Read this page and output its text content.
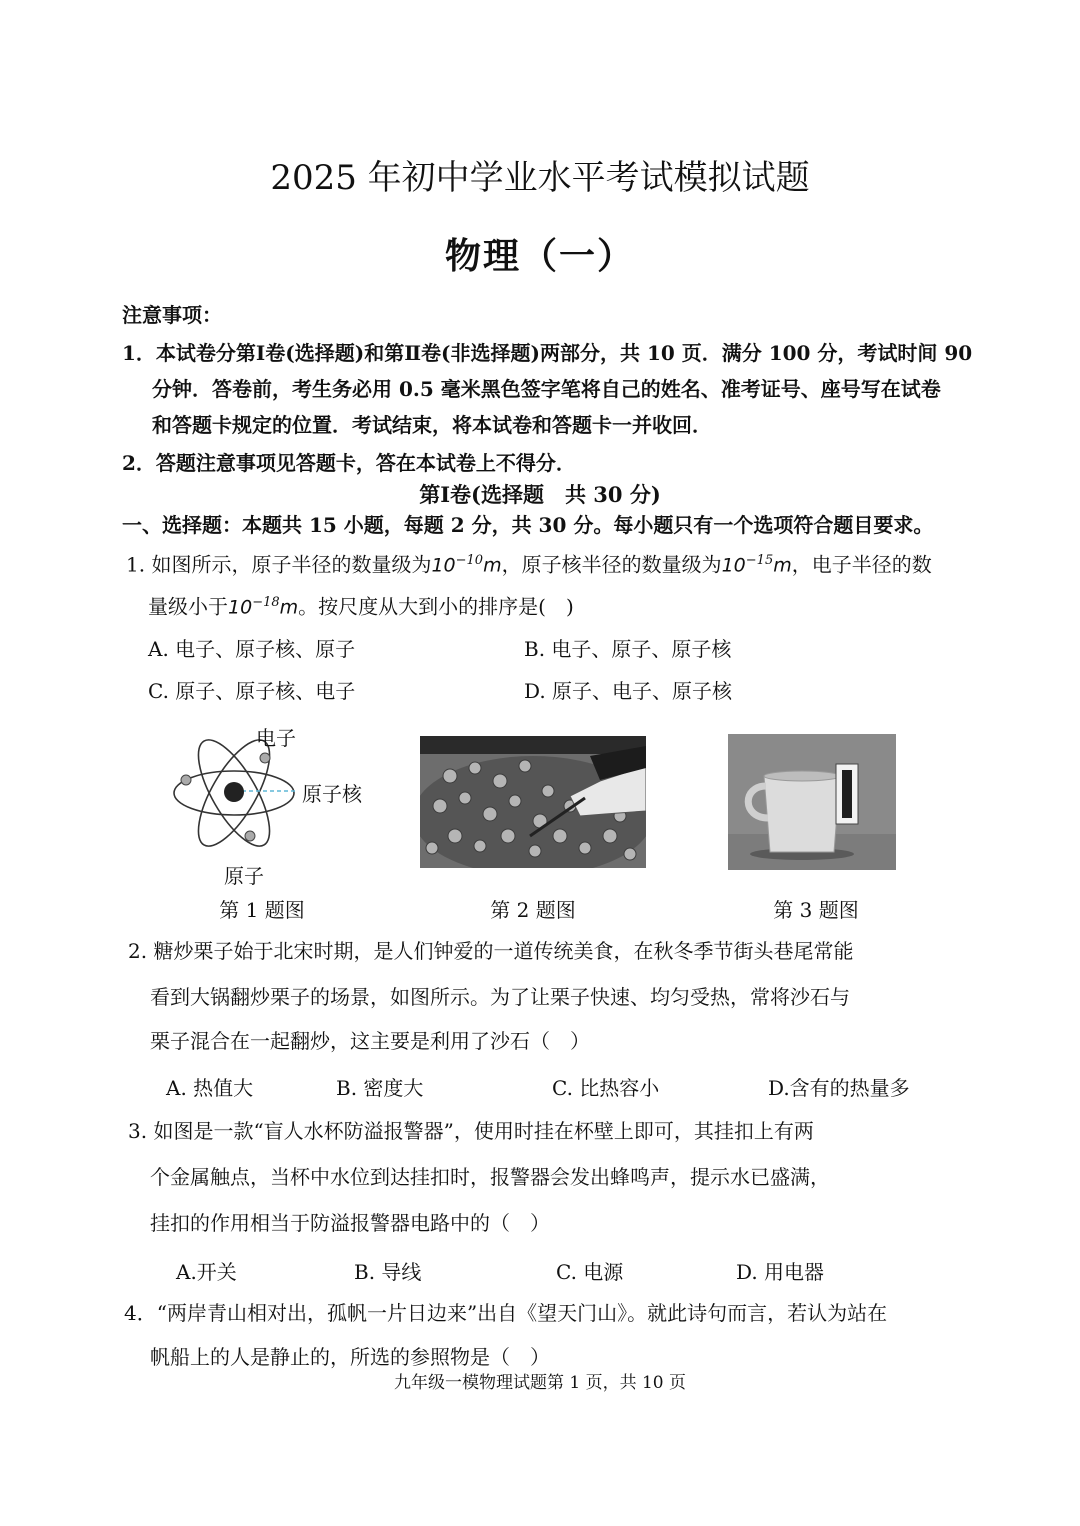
2025 年初中学业水平考试模拟试题
物理（一）
注意事项：
1．本试卷分第Ⅰ卷(选择题)和第Ⅱ卷(非选择题)两部分，共 10 页．满分 100 分，考试时间 90
分钟．答卷前，考生务必用 0.5 毫米黑色签字笔将自己的姓名、准考证号、座号写在试卷
和答题卡规定的位置．考试结束，将本试卷和答题卡一并收回．
2．答题注意事项见答题卡，答在本试卷上不得分．
第Ⅰ卷(选择题　共 30 分)
一、选择题：本题共 15 小题，每题 2 分，共 30 分。每小题只有一个选项符合题目要求。
1. 如图所示，原子半径的数量级为$10^{-10}m$，原子核半径的数量级为$10^{-15}m$，电子半径的数
量级小于$10^{-18}m$。按尺度从大到小的排序是(　)
A. 电子、原子核、原子	B. 电子、原子、原子核
C. 原子、原子核、电子	D. 原子、电子、原子核
电子
原子核
原子
第 1 题图	第 2 题图	第 3 题图
2. 糖炒栗子始于北宋时期，是人们钟爱的一道传统美食，在秋冬季节街头巷尾常能
看到大锅翻炒栗子的场景，如图所示。为了让栗子快速、均匀受热，常将沙石与
栗子混合在一起翻炒，这主要是利用了沙石（　）
A. 热值大	B. 密度大	C. 比热容小	D.含有的热量多
3. 如图是一款“盲人水杯防溢报警器”，使用时挂在杯壁上即可，其挂扣上有两
个金属触点，当杯中水位到达挂扣时，报警器会发出蜂鸣声，提示水已盛满，
挂扣的作用相当于防溢报警器电路中的（　）
A.开关	B. 导线	C. 电源	D. 用电器
4．“两岸青山相对出，孤帆一片日边来”出自《望天门山》。就此诗句而言，若认为站在
帆船上的人是静止的，所选的参照物是（　）
九年级一模物理试题第 1 页，共 10 页
